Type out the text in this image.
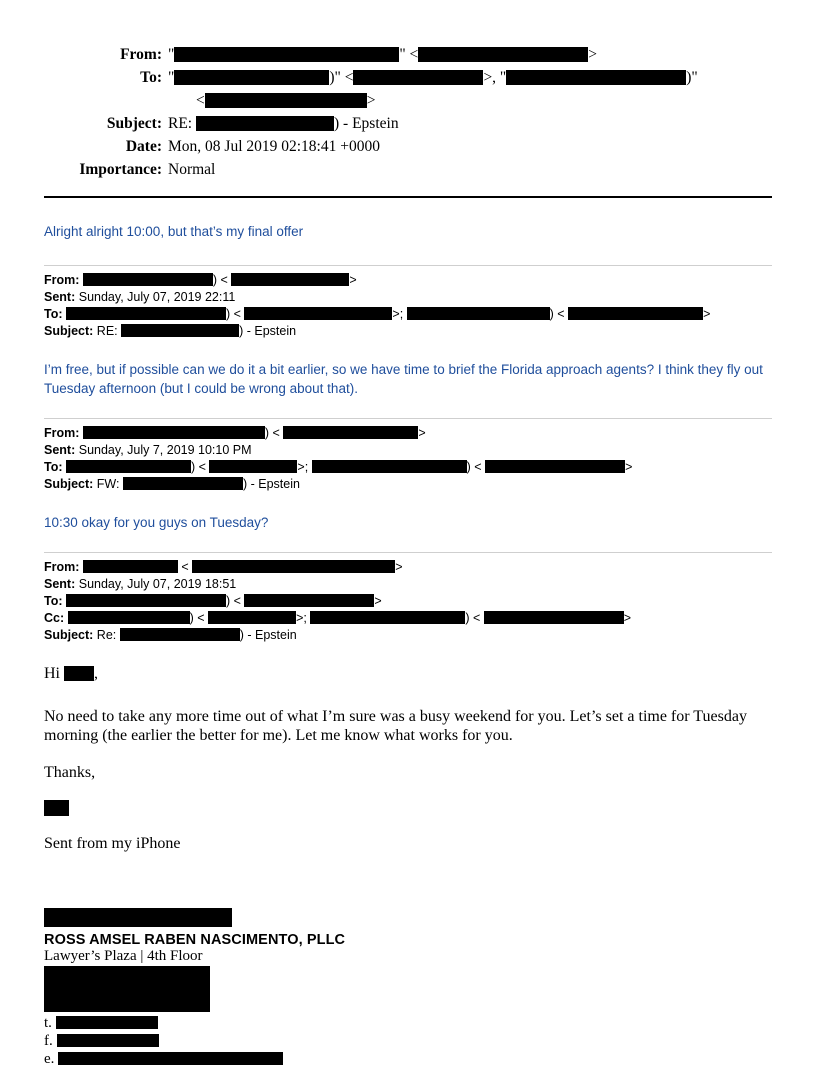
From:	" " < >
To:	" )" < >, " )"
	< >
Subject:	RE: ) - Epstein
Date:	Mon, 08 Jul 2019 02:18:41 +0000
Importance:	Normal

Alright alright 10:00, but that’s my final offer

From:	) <	>
Sent: Sunday, July 07, 2019 22:11
To:	) <	>;	) <	>
Subject: RE:	) - Epstein

I’m free, but if possible can we do it a bit earlier, so we have time to brief the Florida approach agents? I think they fly out Tuesday afternoon (but I could be wrong about that).

From:	) <	>
Sent: Sunday, July 7, 2019 10:10 PM
To:	) <	>;	) <	>
Subject: FW:	) - Epstein

10:30 okay for you guys on Tuesday?

From:	<	>
Sent: Sunday, July 07, 2019 18:51
To:	) <	>
Cc:	) <	>;	) <	>
Subject: Re:	) - Epstein

Hi ,

No need to take any more time out of what I’m sure was a busy weekend for you. Let’s set a time for Tuesday morning (the earlier the better for me). Let me know what works for you.

Thanks,

Sent from my iPhone

ROSS AMSEL RABEN NASCIMENTO, PLLC
Lawyer’s Plaza | 4th Floor
t.
f.
e.
